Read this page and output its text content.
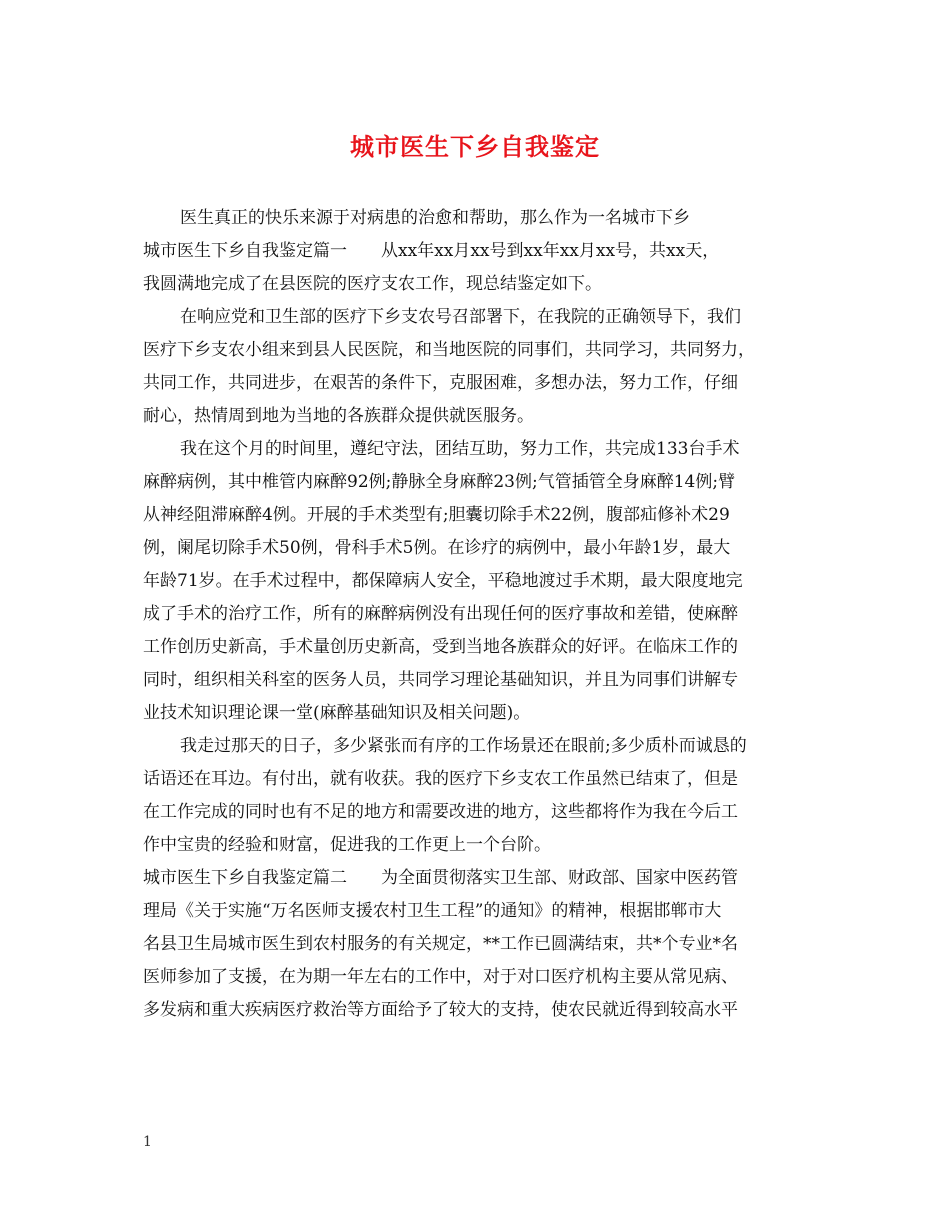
城市医生下乡自我鉴定
医生真正的快乐来源于对病患的治愈和帮助，那么作为一名城市下乡
城市医生下乡自我鉴定篇一 从xx年xx月xx号到xx年xx月xx号，共xx天，
我圆满地完成了在县医院的医疗支农工作，现总结鉴定如下。
在响应党和卫生部的医疗下乡支农号召部署下，在我院的正确领导下，我们
医疗下乡支农小组来到县人民医院，和当地医院的同事们，共同学习，共同努力，
共同工作，共同进步，在艰苦的条件下，克服困难，多想办法，努力工作，仔细
耐心，热情周到地为当地的各族群众提供就医服务。
我在这个月的时间里，遵纪守法，团结互助，努力工作，共完成133台手术
麻醉病例，其中椎管内麻醉92例;静脉全身麻醉23例;气管插管全身麻醉14例;臂
从神经阻滞麻醉4例。开展的手术类型有;胆囊切除手术22例，腹部疝修补术29
例，阑尾切除手术50例，骨科手术5例。在诊疗的病例中，最小年龄1岁，最大
年龄71岁。在手术过程中，都保障病人安全，平稳地渡过手术期，最大限度地完
成了手术的治疗工作，所有的麻醉病例没有出现任何的医疗事故和差错，使麻醉
工作创历史新高，手术量创历史新高，受到当地各族群众的好评。在临床工作的
同时，组织相关科室的医务人员，共同学习理论基础知识，并且为同事们讲解专
业技术知识理论课一堂(麻醉基础知识及相关问题)。
我走过那天的日子，多少紧张而有序的工作场景还在眼前;多少质朴而诚恳的
话语还在耳边。有付出，就有收获。我的医疗下乡支农工作虽然已结束了，但是
在工作完成的同时也有不足的地方和需要改进的地方，这些都将作为我在今后工
作中宝贵的经验和财富，促进我的工作更上一个台阶。
城市医生下乡自我鉴定篇二 为全面贯彻落实卫生部、财政部、国家中医药管
理局《关于实施“万名医师支援农村卫生工程”的通知》的精神，根据邯郸市大
名县卫生局城市医生到农村服务的有关规定，**工作已圆满结束，共*个专业*名
医师参加了支援，在为期一年左右的工作中，对于对口医疗机构主要从常见病、
多发病和重大疾病医疗救治等方面给予了较大的支持，使农民就近得到较高水平
1
